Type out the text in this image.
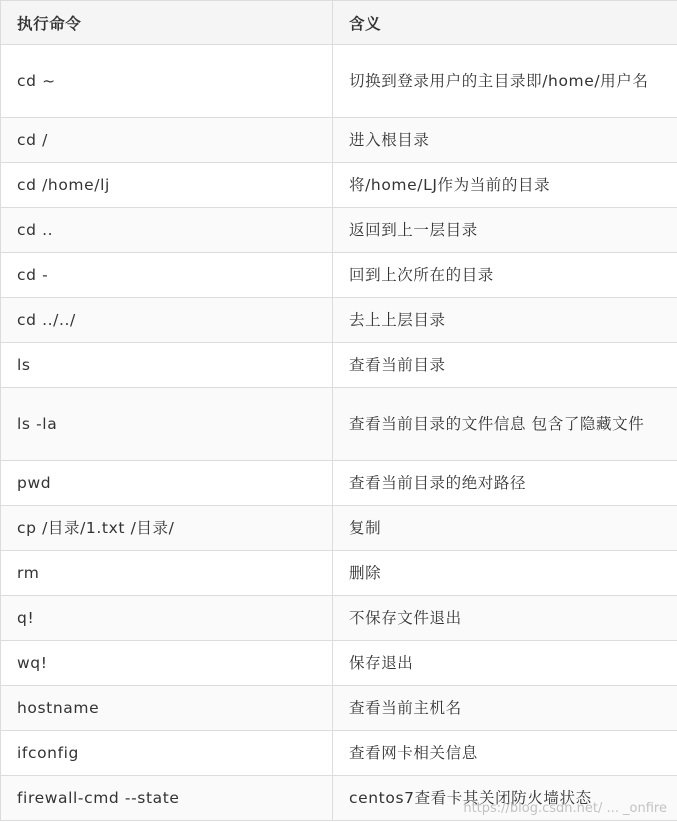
执行命令	含义
cd ~	切换到登录用户的主目录即/home/用户名
cd /	进入根目录
cd /home/lj	将/home/LJ作为当前的目录
cd ..	返回到上一层目录
cd -	回到上次所在的目录
cd ../../	去上上层目录
ls	查看当前目录
ls -la	查看当前目录的文件信息 包含了隐藏文件
pwd	查看当前目录的绝对路径
cp /目录/1.txt /目录/	复制
rm	删除
q!	不保存文件退出
wq!	保存退出
hostname	查看当前主机名
ifconfig	查看网卡相关信息
firewall-cmd --state	centos7查看卡其关闭防火墙状态
https://blog.csdn.net/ ... _onfire
